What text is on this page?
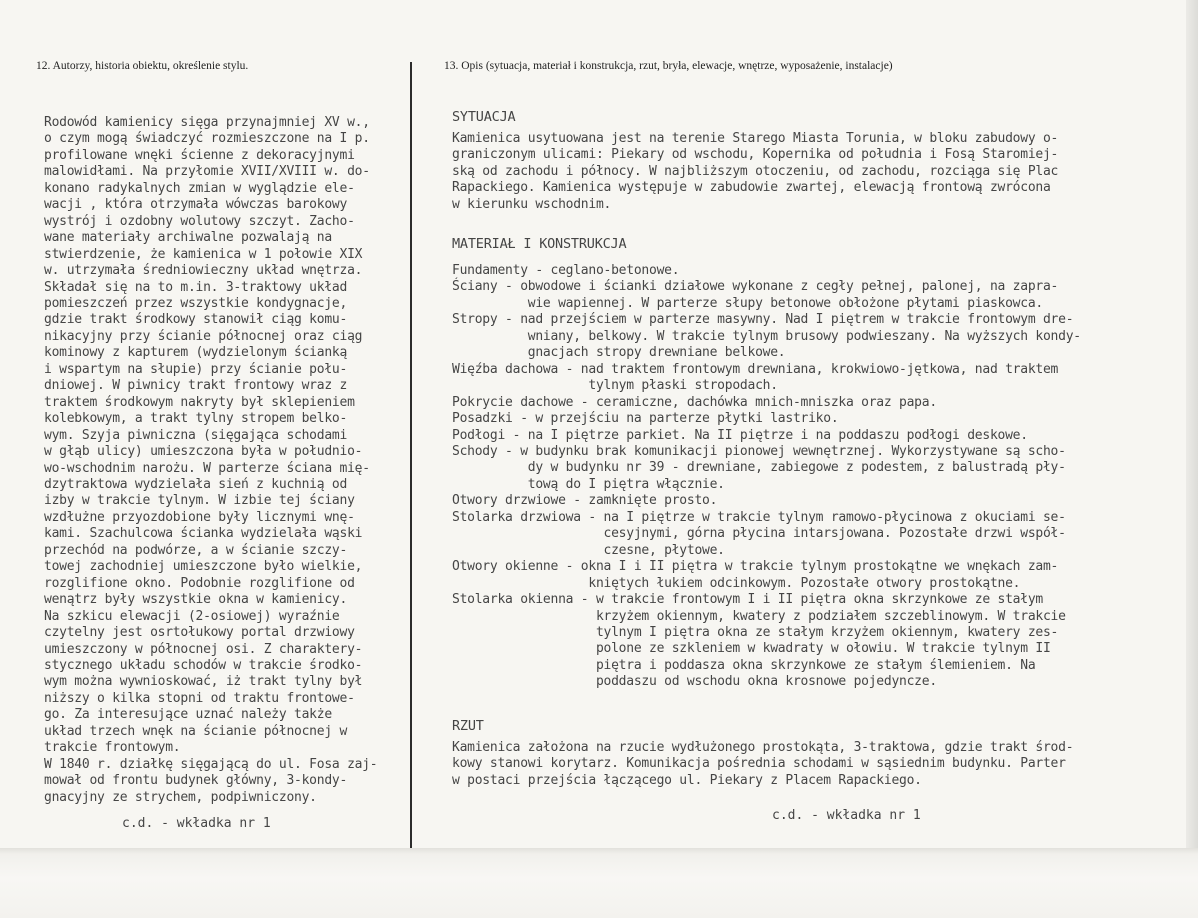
12. Autorzy, historia obiektu, określenie stylu.	13. Opis (sytuacja, materiał i konstrukcja, rzut, bryła, elewacje, wnętrze, wyposażenie, instalacje)
Rodowód kamienicy sięga przynajmniej XV w.,
o czym mogą świadczyć rozmieszczone na I p.
profilowane wnęki ścienne z dekoracyjnymi
malowidłami. Na przyłomie XVII/XVIII w. do-
konano radykalnych zmian w wyglądzie ele-
wacji , która otrzymała wówczas barokowy
wystrój i ozdobny wolutowy szczyt. Zacho-
wane materiały archiwalne pozwalają na
stwierdzenie, że kamienica w 1 połowie XIX
w. utrzymała średniowieczny układ wnętrza.
Składał się na to m.in. 3-traktowy układ
pomieszczeń przez wszystkie kondygnacje,
gdzie trakt środkowy stanowił ciąg komu-
nikacyjny przy ścianie północnej oraz ciąg
kominowy z kapturem (wydzielonym ścianką
i wspartym na słupie) przy ścianie połu-
dniowej. W piwnicy trakt frontowy wraz z
traktem środkowym nakryty był sklepieniem
kolebkowym, a trakt tylny stropem belko-
wym. Szyja piwniczna (sięgająca schodami
w głąb ulicy) umieszczona była w południo-
wo-wschodnim narożu. W parterze ściana mię-
dzytraktowa wydzielała sień z kuchnią od
izby w trakcie tylnym. W izbie tej ściany
wzdłużne przyozdobione były licznymi wnę-
kami. Szachulcowa ścianka wydzielała wąski
przechód na podwórze, a w ścianie szczy-
towej zachodniej umieszczone było wielkie,
rozglifione okno. Podobnie rozglifione od
wenątrz były wszystkie okna w kamienicy.
Na szkicu elewacji (2-osiowej) wyraźnie
czytelny jest osrtołukowy portal drzwiowy
umieszczony w północnej osi. Z charaktery-
stycznego układu schodów w trakcie środko-
wym można wywnioskować, iż trakt tylny był
niższy o kilka stopni od traktu frontowe-
go. Za interesujące uznać należy także
układ trzech wnęk na ścianie północnej w
trakcie frontowym.
W 1840 r. działkę sięgającą do ul. Fosa zaj-
mował od frontu budynek główny, 3-kondy-
gnacyjny ze strychem, podpiwniczony.
c.d. - wkładka nr 1
SYTUACJA
Kamienica usytuowana jest na terenie Starego Miasta Torunia, w bloku zabudowy o-
graniczonym ulicami: Piekary od wschodu, Kopernika od południa i Fosą Staromiej-
ską od zachodu i północy. W najbliższym otoczeniu, od zachodu, rozciąga się Plac
Rapackiego. Kamienica występuje w zabudowie zwartej, elewacją frontową zwrócona
w kierunku wschodnim.
MATERIAŁ I KONSTRUKCJA
Fundamenty - ceglano-betonowe.
Ściany - obwodowe i ścianki działowe wykonane z cegły pełnej, palonej, na zapra-
wie wapiennej. W parterze słupy betonowe obłożone płytami piaskowca.
Stropy - nad przejściem w parterze masywny. Nad I piętrem w trakcie frontowym dre-
wniany, belkowy. W trakcie tylnym brusowy podwieszany. Na wyższych kondy-
gnacjach stropy drewniane belkowe.
Więźba dachowa - nad traktem frontowym drewniana, krokwiowo-jętkowa, nad traktem
tylnym płaski stropodach.
Pokrycie dachowe - ceramiczne, dachówka mnich-mniszka oraz papa.
Posadzki - w przejściu na parterze płytki lastriko.
Podłogi - na I piętrze parkiet. Na II piętrze i na poddaszu podłogi deskowe.
Schody - w budynku brak komunikacji pionowej wewnętrznej. Wykorzystywane są scho-
dy w budynku nr 39 - drewniane, zabiegowe z podestem, z balustradą pły-
tową do I piętra włącznie.
Otwory drzwiowe - zamknięte prosto.
Stolarka drzwiowa - na I piętrze w trakcie tylnym ramowo-płycinowa z okuciami se-
cesyjnymi, górna płycina intarsjowana. Pozostałe drzwi współ-
czesne, płytowe.
Otwory okienne - okna I i II piętra w trakcie tylnym prostokątne we wnękach zam-
kniętych łukiem odcinkowym. Pozostałe otwory prostokątne.
Stolarka okienna - w trakcie frontowym I i II piętra okna skrzynkowe ze stałym
krzyżem okiennym, kwatery z podziałem szczeblinowym. W trakcie
tylnym I piętra okna ze stałym krzyżem okiennym, kwatery zes-
polone ze szkleniem w kwadraty w ołowiu. W trakcie tylnym II
piętra i poddasza okna skrzynkowe ze stałym ślemieniem. Na
poddaszu od wschodu okna krosnowe pojedyncze.
RZUT
Kamienica założona na rzucie wydłużonego prostokąta, 3-traktowa, gdzie trakt środ-
kowy stanowi korytarz. Komunikacja pośrednia schodami w sąsiednim budynku. Parter
w postaci przejścia łączącego ul. Piekary z Placem Rapackiego.
c.d. - wkładka nr 1
